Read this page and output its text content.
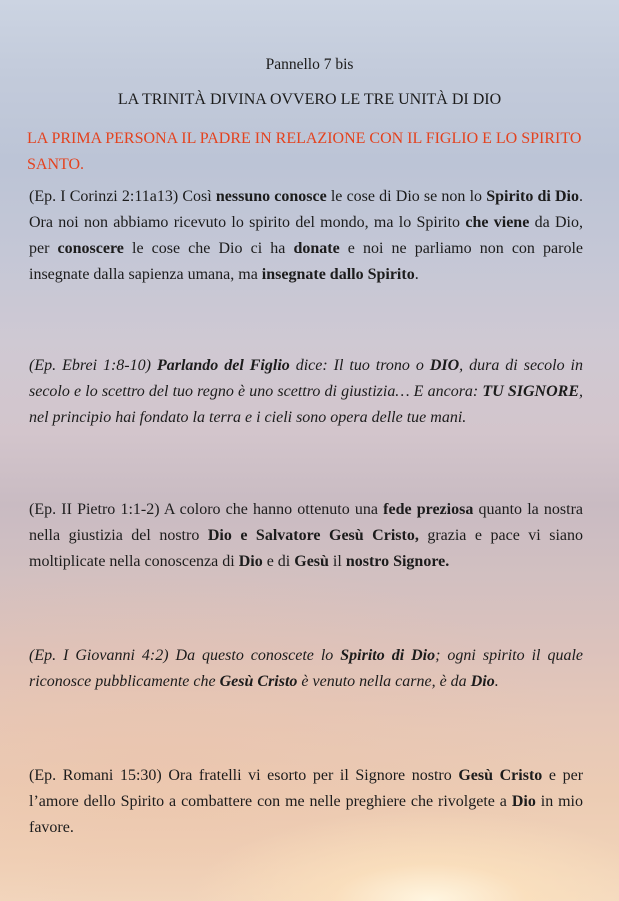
Pannello 7 bis
LA TRINITÀ DIVINA OVVERO LE TRE UNITÀ DI DIO
LA PRIMA PERSONA IL PADRE IN RELAZIONE CON IL FIGLIO E LO SPIRITO SANTO.
(Ep. I Corinzi 2:11a13) Così nessuno conosce le cose di Dio se non lo Spirito di Dio. Ora noi non abbiamo ricevuto lo spirito del mondo, ma lo Spirito che viene da Dio, per conoscere le cose che Dio ci ha donate e noi ne parliamo non con parole insegnate dalla sapienza umana, ma insegnate dallo Spirito.
(Ep. Ebrei 1:8-10) Parlando del Figlio dice: Il tuo trono o DIO, dura di secolo in secolo e lo scettro del tuo regno è uno scettro di giustizia… E ancora: TU SIGNORE, nel principio hai fondato la terra e i cieli sono opera delle tue mani.
(Ep. II Pietro 1:1-2) A coloro che hanno ottenuto una fede preziosa quanto la nostra nella giustizia del nostro Dio e Salvatore Gesù Cristo, grazia e pace vi siano moltiplicate nella conoscenza di Dio e di Gesù il nostro Signore.
(Ep. I Giovanni 4:2) Da questo conoscete lo Spirito di Dio; ogni spirito il quale riconosce pubblicamente che Gesù Cristo è venuto nella carne, è da Dio.
(Ep. Romani 15:30) Ora fratelli vi esorto per il Signore nostro Gesù Cristo e per l’amore dello Spirito a combattere con me nelle preghiere che rivolgete a Dio in mio favore.
